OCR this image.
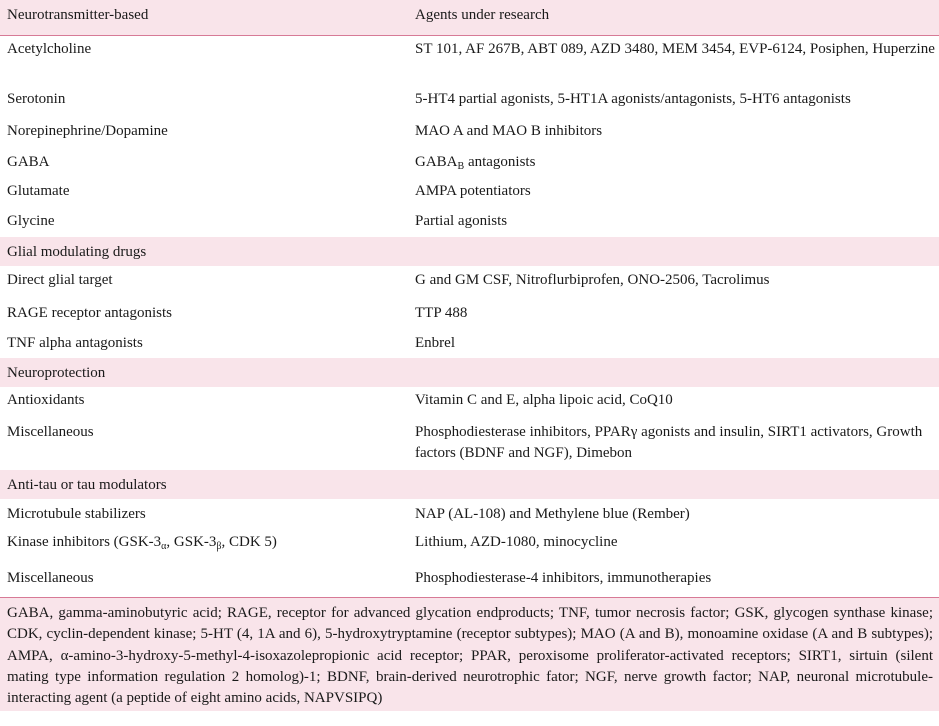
Neurotransmitter-based	Agents under research
Acetylcholine	ST 101, AF 267B, ABT 089, AZD 3480, MEM 3454, EVP-6124, Posiphen, Huperzine
Serotonin	5-HT4 partial agonists, 5-HT1A agonists/antagonists, 5-HT6 antagonists
Norepinephrine/Dopamine	MAO A and MAO B inhibitors
GABA	$GABA_B$ antagonists
Glutamate	AMPA potentiators
Glycine	Partial agonists
Glial modulating drugs	
Direct glial target	G and GM CSF, Nitroflurbiprofen, ONO-2506, Tacrolimus
RAGE receptor antagonists	TTP 488
TNF alpha antagonists	Enbrel
Neuroprotection	
Antioxidants	Vitamin C and E, alpha lipoic acid, CoQ10
Miscellaneous	Phosphodiesterase inhibitors, PPARγ agonists and insulin, SIRT1 activators, Growth factors (BDNF and NGF), Dimebon
Anti-tau or tau modulators	
Microtubule stabilizers	NAP (AL-108) and Methylene blue (Rember)
Kinase inhibitors ($GSK-3_\alpha$, GSK-$3_\beta$, CDK 5)	Lithium, AZD-1080, minocycline
Miscellaneous	Phosphodiesterase-4 inhibitors, immunotherapies
GABA, gamma-aminobutyric acid; RAGE, receptor for advanced glycation endproducts; TNF, tumor necrosis factor; GSK, glycogen synthase kinase; CDK, cyclin-dependent kinase; 5-HT (4, 1A and 6), 5-hydroxytryptamine (receptor subtypes); MAO (A and B), monoamine oxidase (A and B subtypes); AMPA, α-amino-3-hydroxy-5-methyl-4-isoxazolepropionic acid receptor; PPAR, peroxisome proliferator-activated receptors; SIRT1, sirtuin (silent mating type information regulation 2 homolog)-1; BDNF, brain-derived neurotrophic fator; NGF, nerve growth factor; NAP, neuronal microtubule-interacting agent (a peptide of eight amino acids, NAPVSIPQ)
